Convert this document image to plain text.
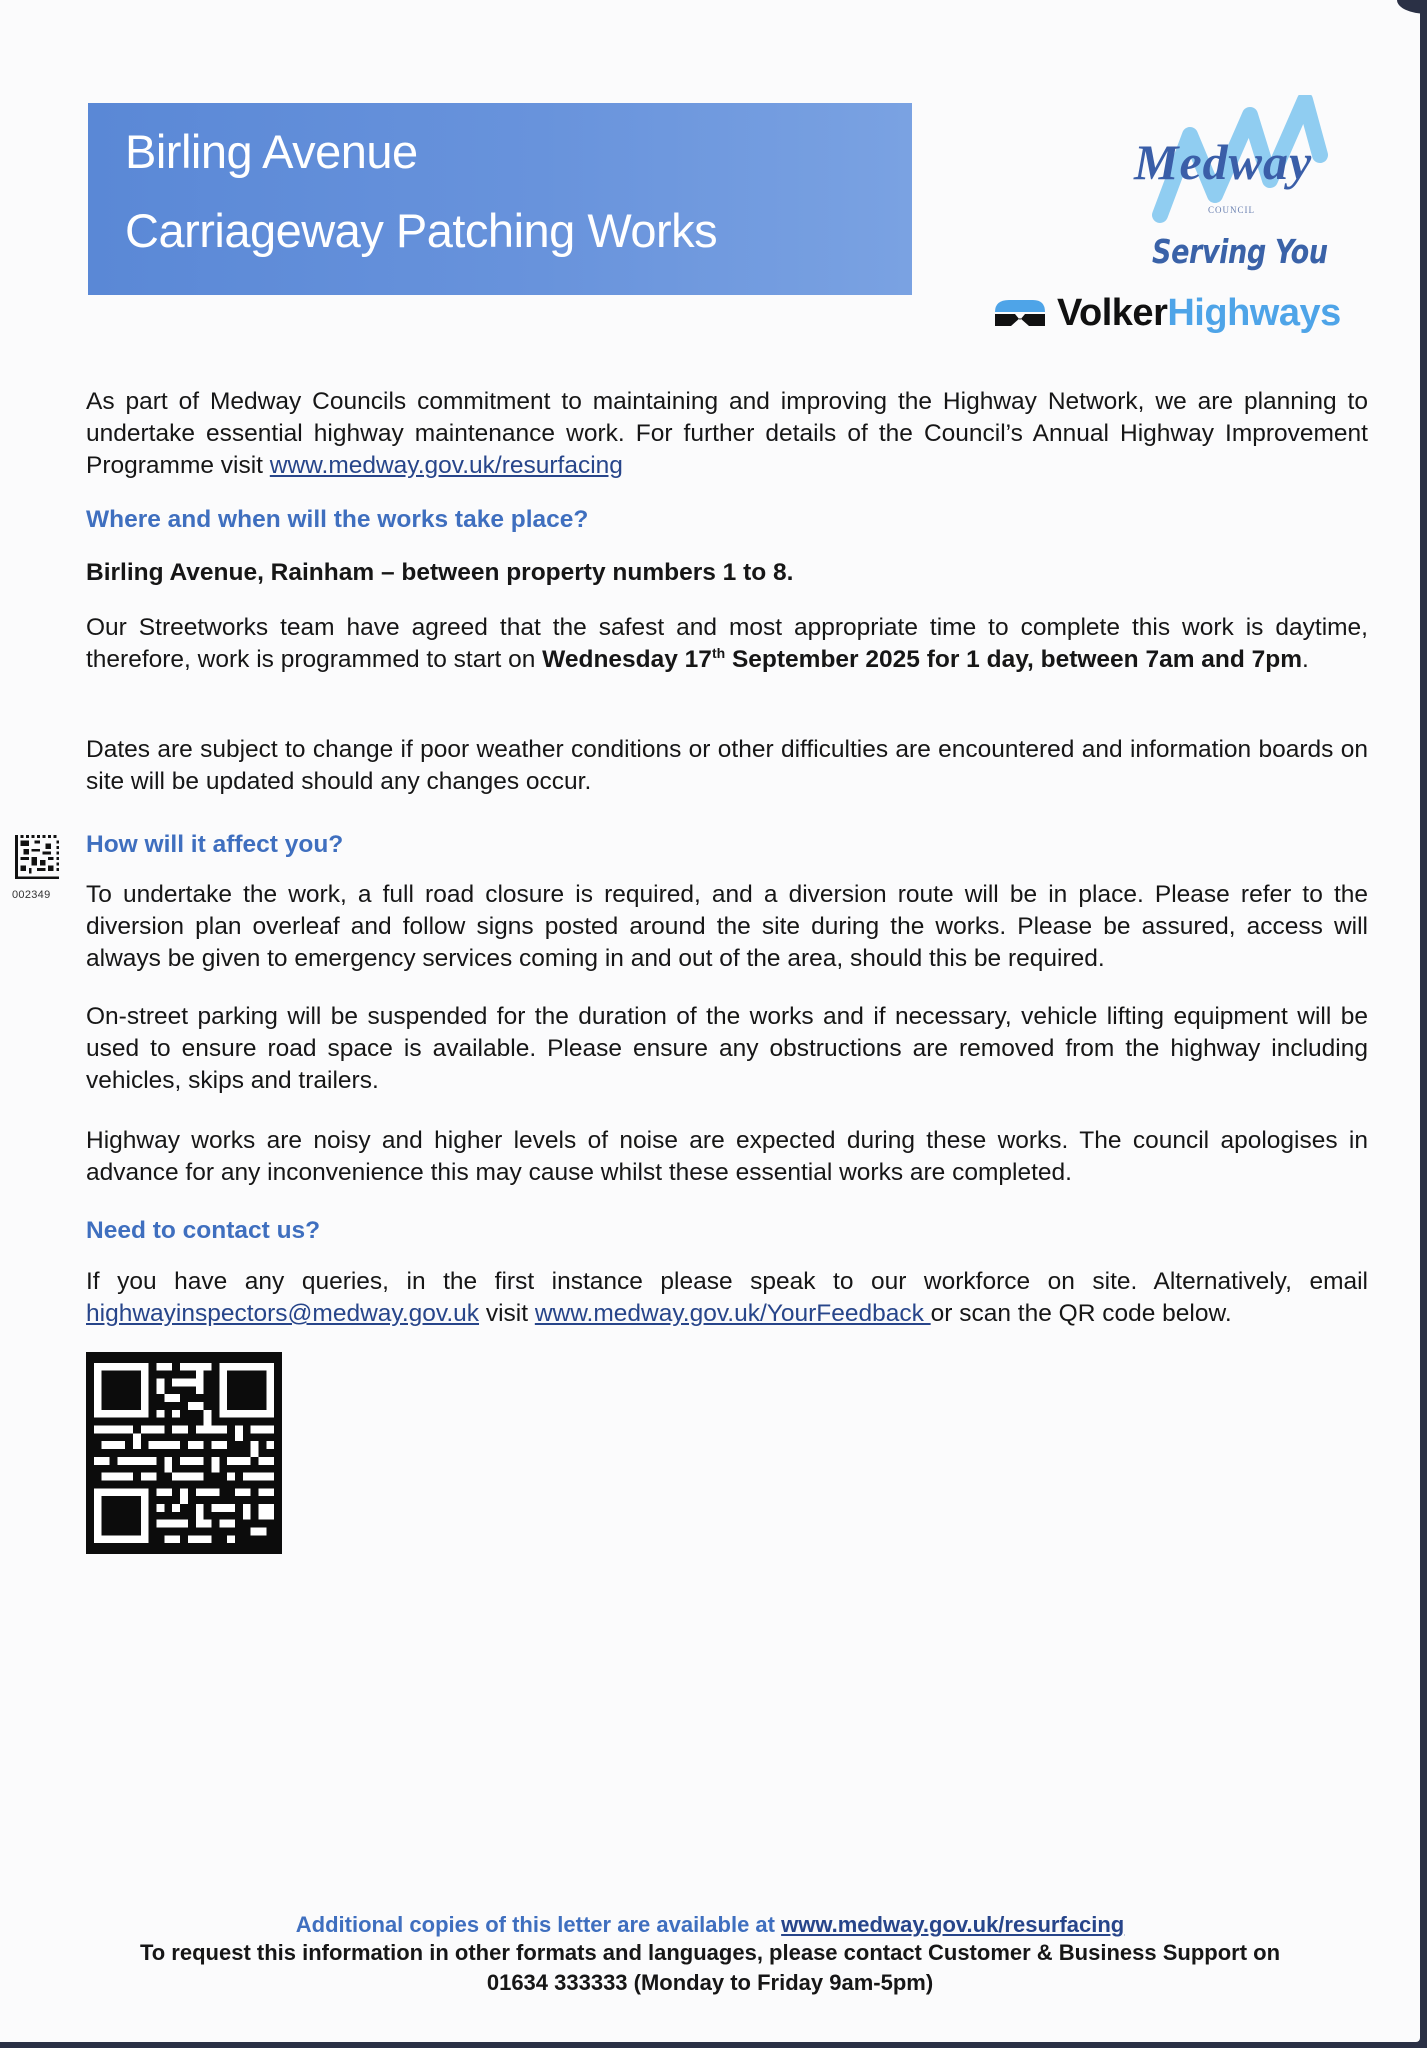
Birling Avenue
Carriageway Patching Works
Medway
COUNCIL
Serving You
VolkerHighways
As part of Medway Councils commitment to maintaining and improving the Highway Network, we are planning to undertake essential highway maintenance work. For further details of the Council’s Annual Highway Improvement Programme visit www.medway.gov.uk/resurfacing
Where and when will the works take place?
Birling Avenue, Rainham – between property numbers 1 to 8.
Our Streetworks team have agreed that the safest and most appropriate time to complete this work is daytime, therefore, work is programmed to start on Wednesday 17th September 2025 for 1 day, between 7am and 7pm.
Dates are subject to change if poor weather conditions or other difficulties are encountered and information boards on site will be updated should any changes occur.
002349
How will it affect you?
To undertake the work, a full road closure is required, and a diversion route will be in place. Please refer to the diversion plan overleaf and follow signs posted around the site during the works. Please be assured, access will always be given to emergency services coming in and out of the area, should this be required.
On-street parking will be suspended for the duration of the works and if necessary, vehicle lifting equipment will be used to ensure road space is available. Please ensure any obstructions are removed from the highway including vehicles, skips and trailers.
Highway works are noisy and higher levels of noise are expected during these works. The council apologises in advance for any inconvenience this may cause whilst these essential works are completed.
Need to contact us?
If you have any queries, in the first instance please speak to our workforce on site. Alternatively, email highwayinspectors@medway.gov.uk visit www.medway.gov.uk/YourFeedback or scan the QR code below.
Additional copies of this letter are available at www.medway.gov.uk/resurfacing
To request this information in other formats and languages, please contact Customer & Business Support on
01634 333333 (Monday to Friday 9am-5pm)
